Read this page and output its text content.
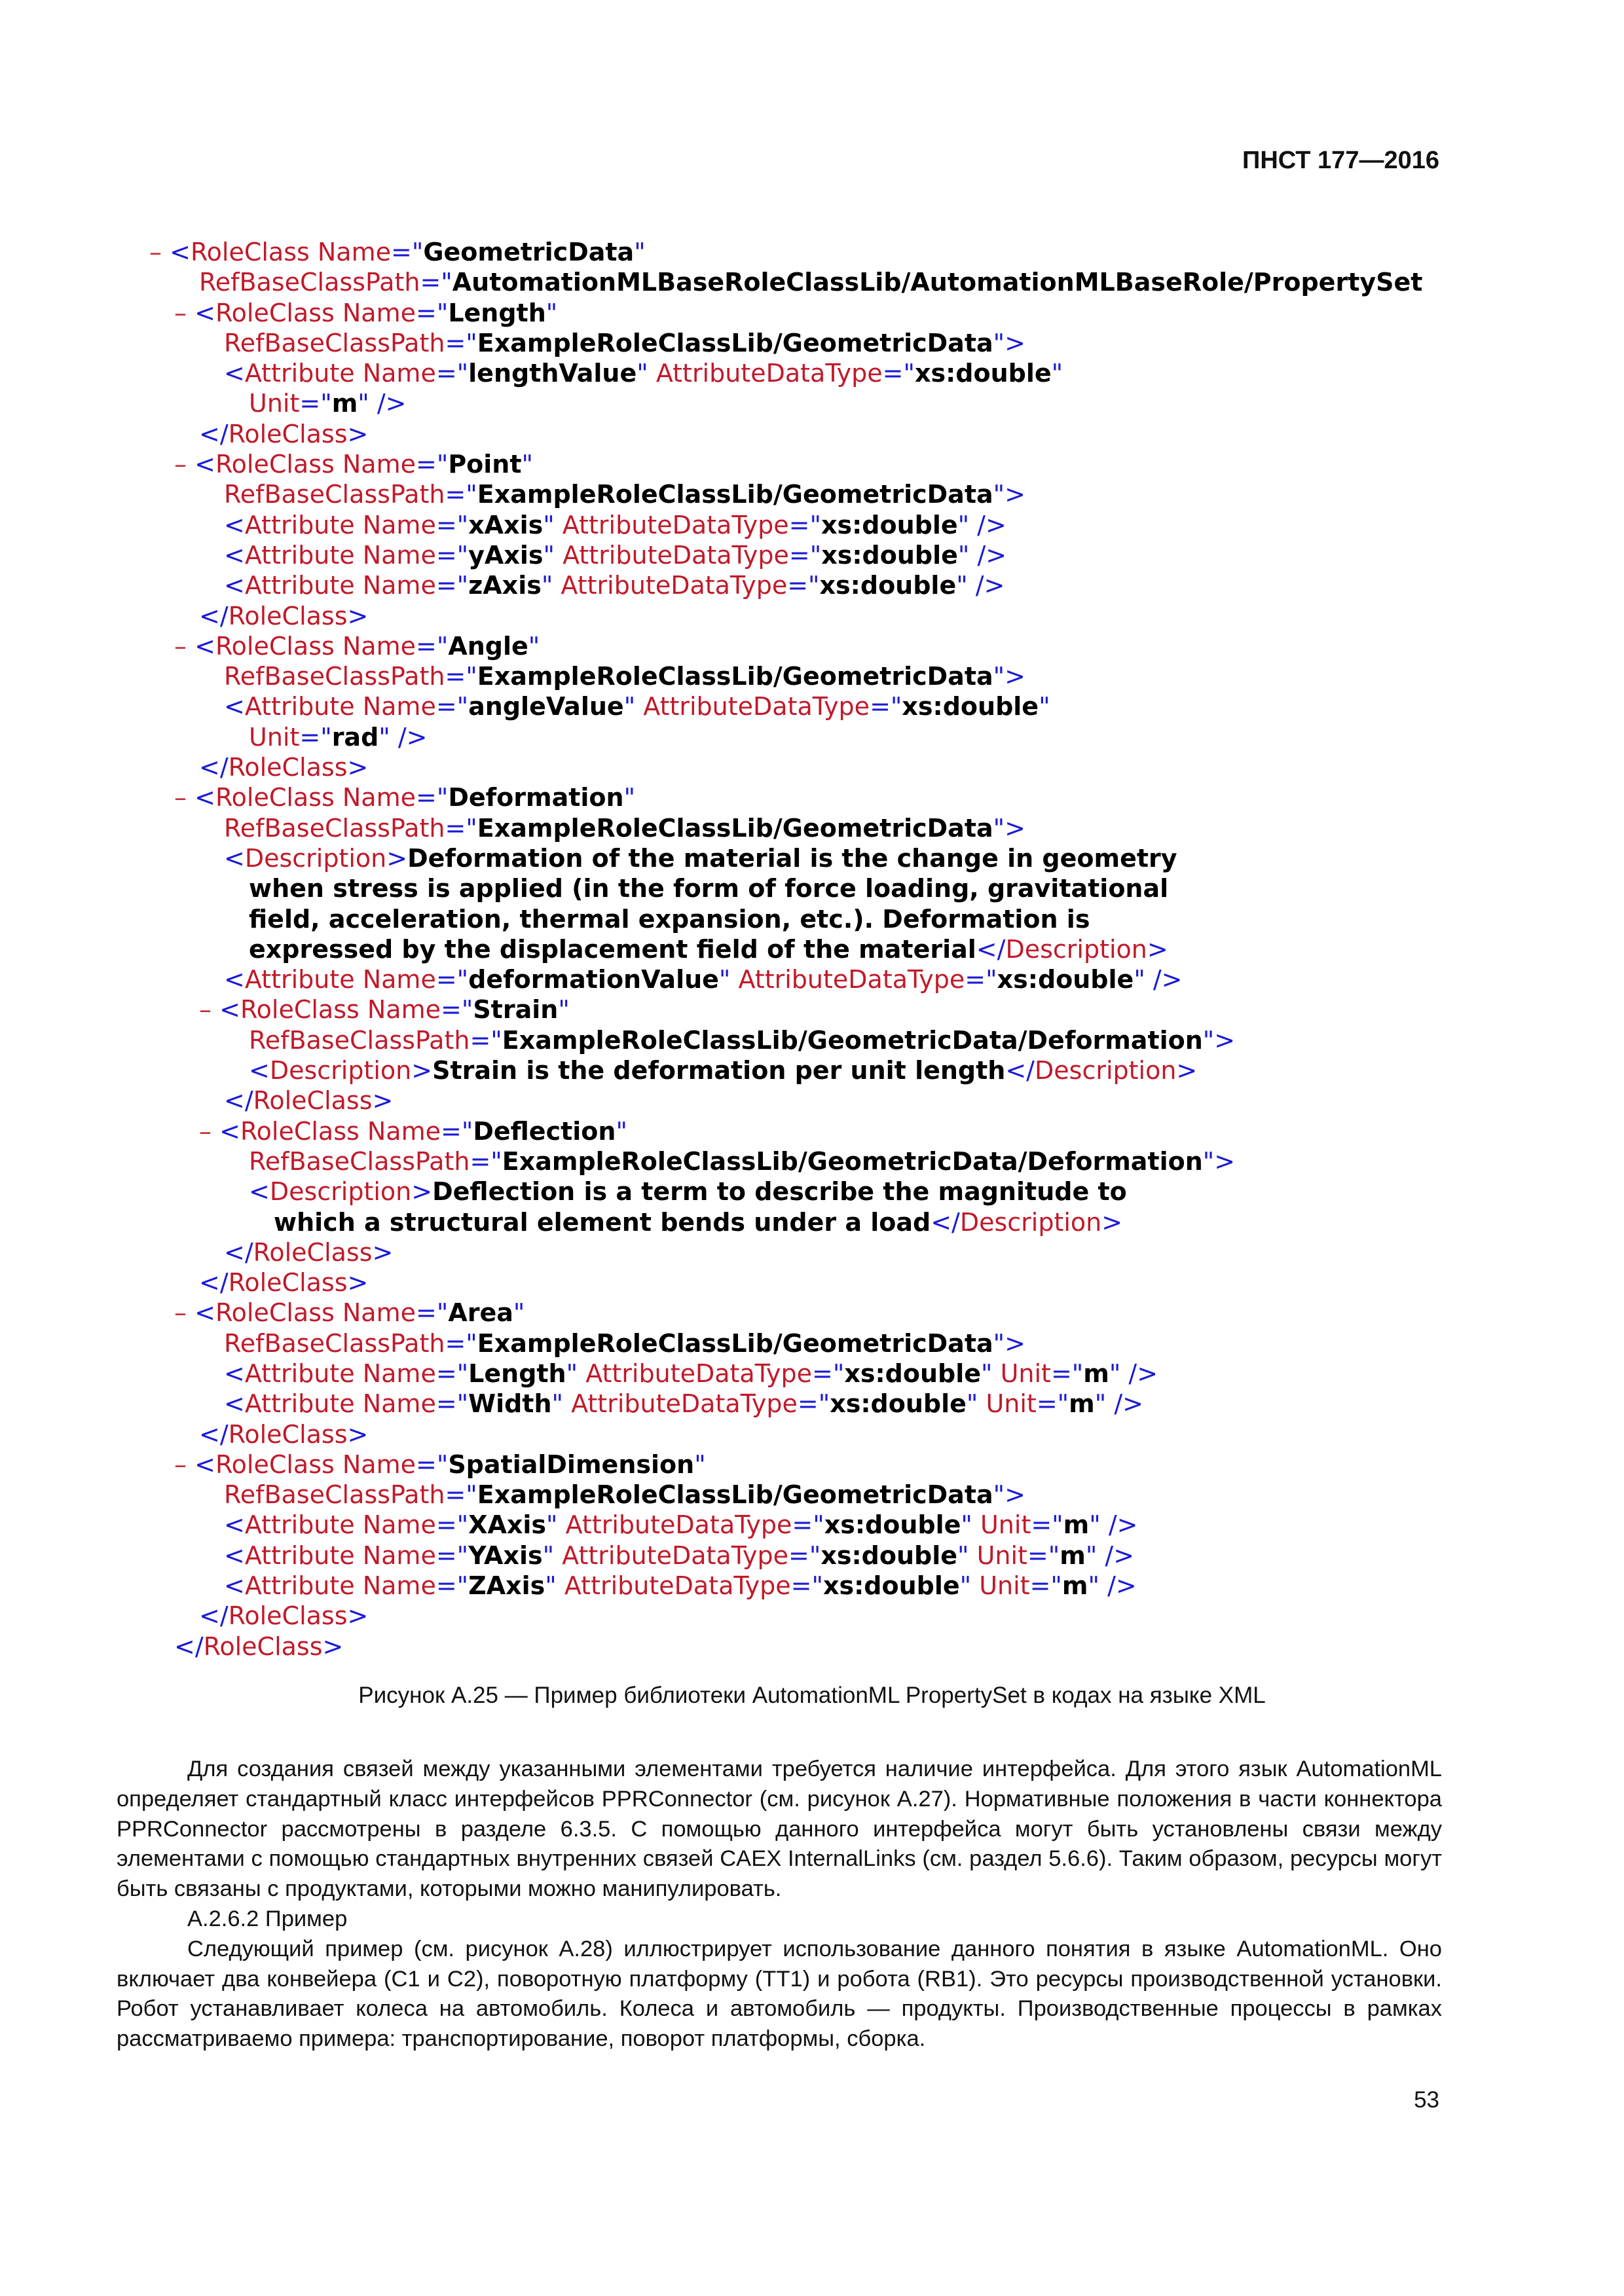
ПНСТ 177—2016
– <RoleClass Name="GeometricData"
RefBaseClassPath="AutomationMLBaseRoleClassLib/AutomationMLBaseRole/PropertySet
– <RoleClass Name="Length"
RefBaseClassPath="ExampleRoleClassLib/GeometricData">
<Attribute Name="lengthValue" AttributeDataType="xs:double"
Unit="m" />
</RoleClass>
– <RoleClass Name="Point"
RefBaseClassPath="ExampleRoleClassLib/GeometricData">
<Attribute Name="xAxis" AttributeDataType="xs:double" />
<Attribute Name="yAxis" AttributeDataType="xs:double" />
<Attribute Name="zAxis" AttributeDataType="xs:double" />
</RoleClass>
– <RoleClass Name="Angle"
RefBaseClassPath="ExampleRoleClassLib/GeometricData">
<Attribute Name="angleValue" AttributeDataType="xs:double"
Unit="rad" />
</RoleClass>
– <RoleClass Name="Deformation"
RefBaseClassPath="ExampleRoleClassLib/GeometricData">
<Description>Deformation of the material is the change in geometry
when stress is applied (in the form of force loading, gravitational
field, acceleration, thermal expansion, etc.). Deformation is
expressed by the displacement field of the material</Description>
<Attribute Name="deformationValue" AttributeDataType="xs:double" />
– <RoleClass Name="Strain"
RefBaseClassPath="ExampleRoleClassLib/GeometricData/Deformation">
<Description>Strain is the deformation per unit length</Description>
</RoleClass>
– <RoleClass Name="Deflection"
RefBaseClassPath="ExampleRoleClassLib/GeometricData/Deformation">
<Description>Deflection is a term to describe the magnitude to
which a structural element bends under a load</Description>
</RoleClass>
</RoleClass>
– <RoleClass Name="Area"
RefBaseClassPath="ExampleRoleClassLib/GeometricData">
<Attribute Name="Length" AttributeDataType="xs:double" Unit="m" />
<Attribute Name="Width" AttributeDataType="xs:double" Unit="m" />
</RoleClass>
– <RoleClass Name="SpatialDimension"
RefBaseClassPath="ExampleRoleClassLib/GeometricData">
<Attribute Name="XAxis" AttributeDataType="xs:double" Unit="m" />
<Attribute Name="YAxis" AttributeDataType="xs:double" Unit="m" />
<Attribute Name="ZAxis" AttributeDataType="xs:double" Unit="m" />
</RoleClass>
</RoleClass>
Рисунок А.25 — Пример библиотеки AutomationML PropertySet в кодах на языке XML

Для создания связей между указанными элементами требуется наличие интерфейса. Для этого язык AutomationML определяет стандартный класс интерфейсов PPRConnector (см. рисунок А.27). Нормативные положения в части коннектора PPRConnector рассмотрены в разделе 6.3.5. С помощью данного интерфейса могут быть установлены связи между элементами с помощью стандартных внутренних связей CAEX InternalLinks (см. раздел 5.6.6). Таким образом, ресурсы могут быть связаны с продуктами, которыми можно манипулировать.

А.2.6.2 Пример

Следующий пример (см. рисунок А.28) иллюстрирует использование данного понятия в языке AutomationML. Оно включает два конвейера (С1 и С2), поворотную платформу (ТТ1) и робота (RB1). Это ресурсы производственной установки. Робот устанавливает колеса на автомобиль. Колеса и автомобиль — продукты. Производственные процессы в рамках рассматриваемо примера: транспортирование, поворот платформы, сборка.

53
